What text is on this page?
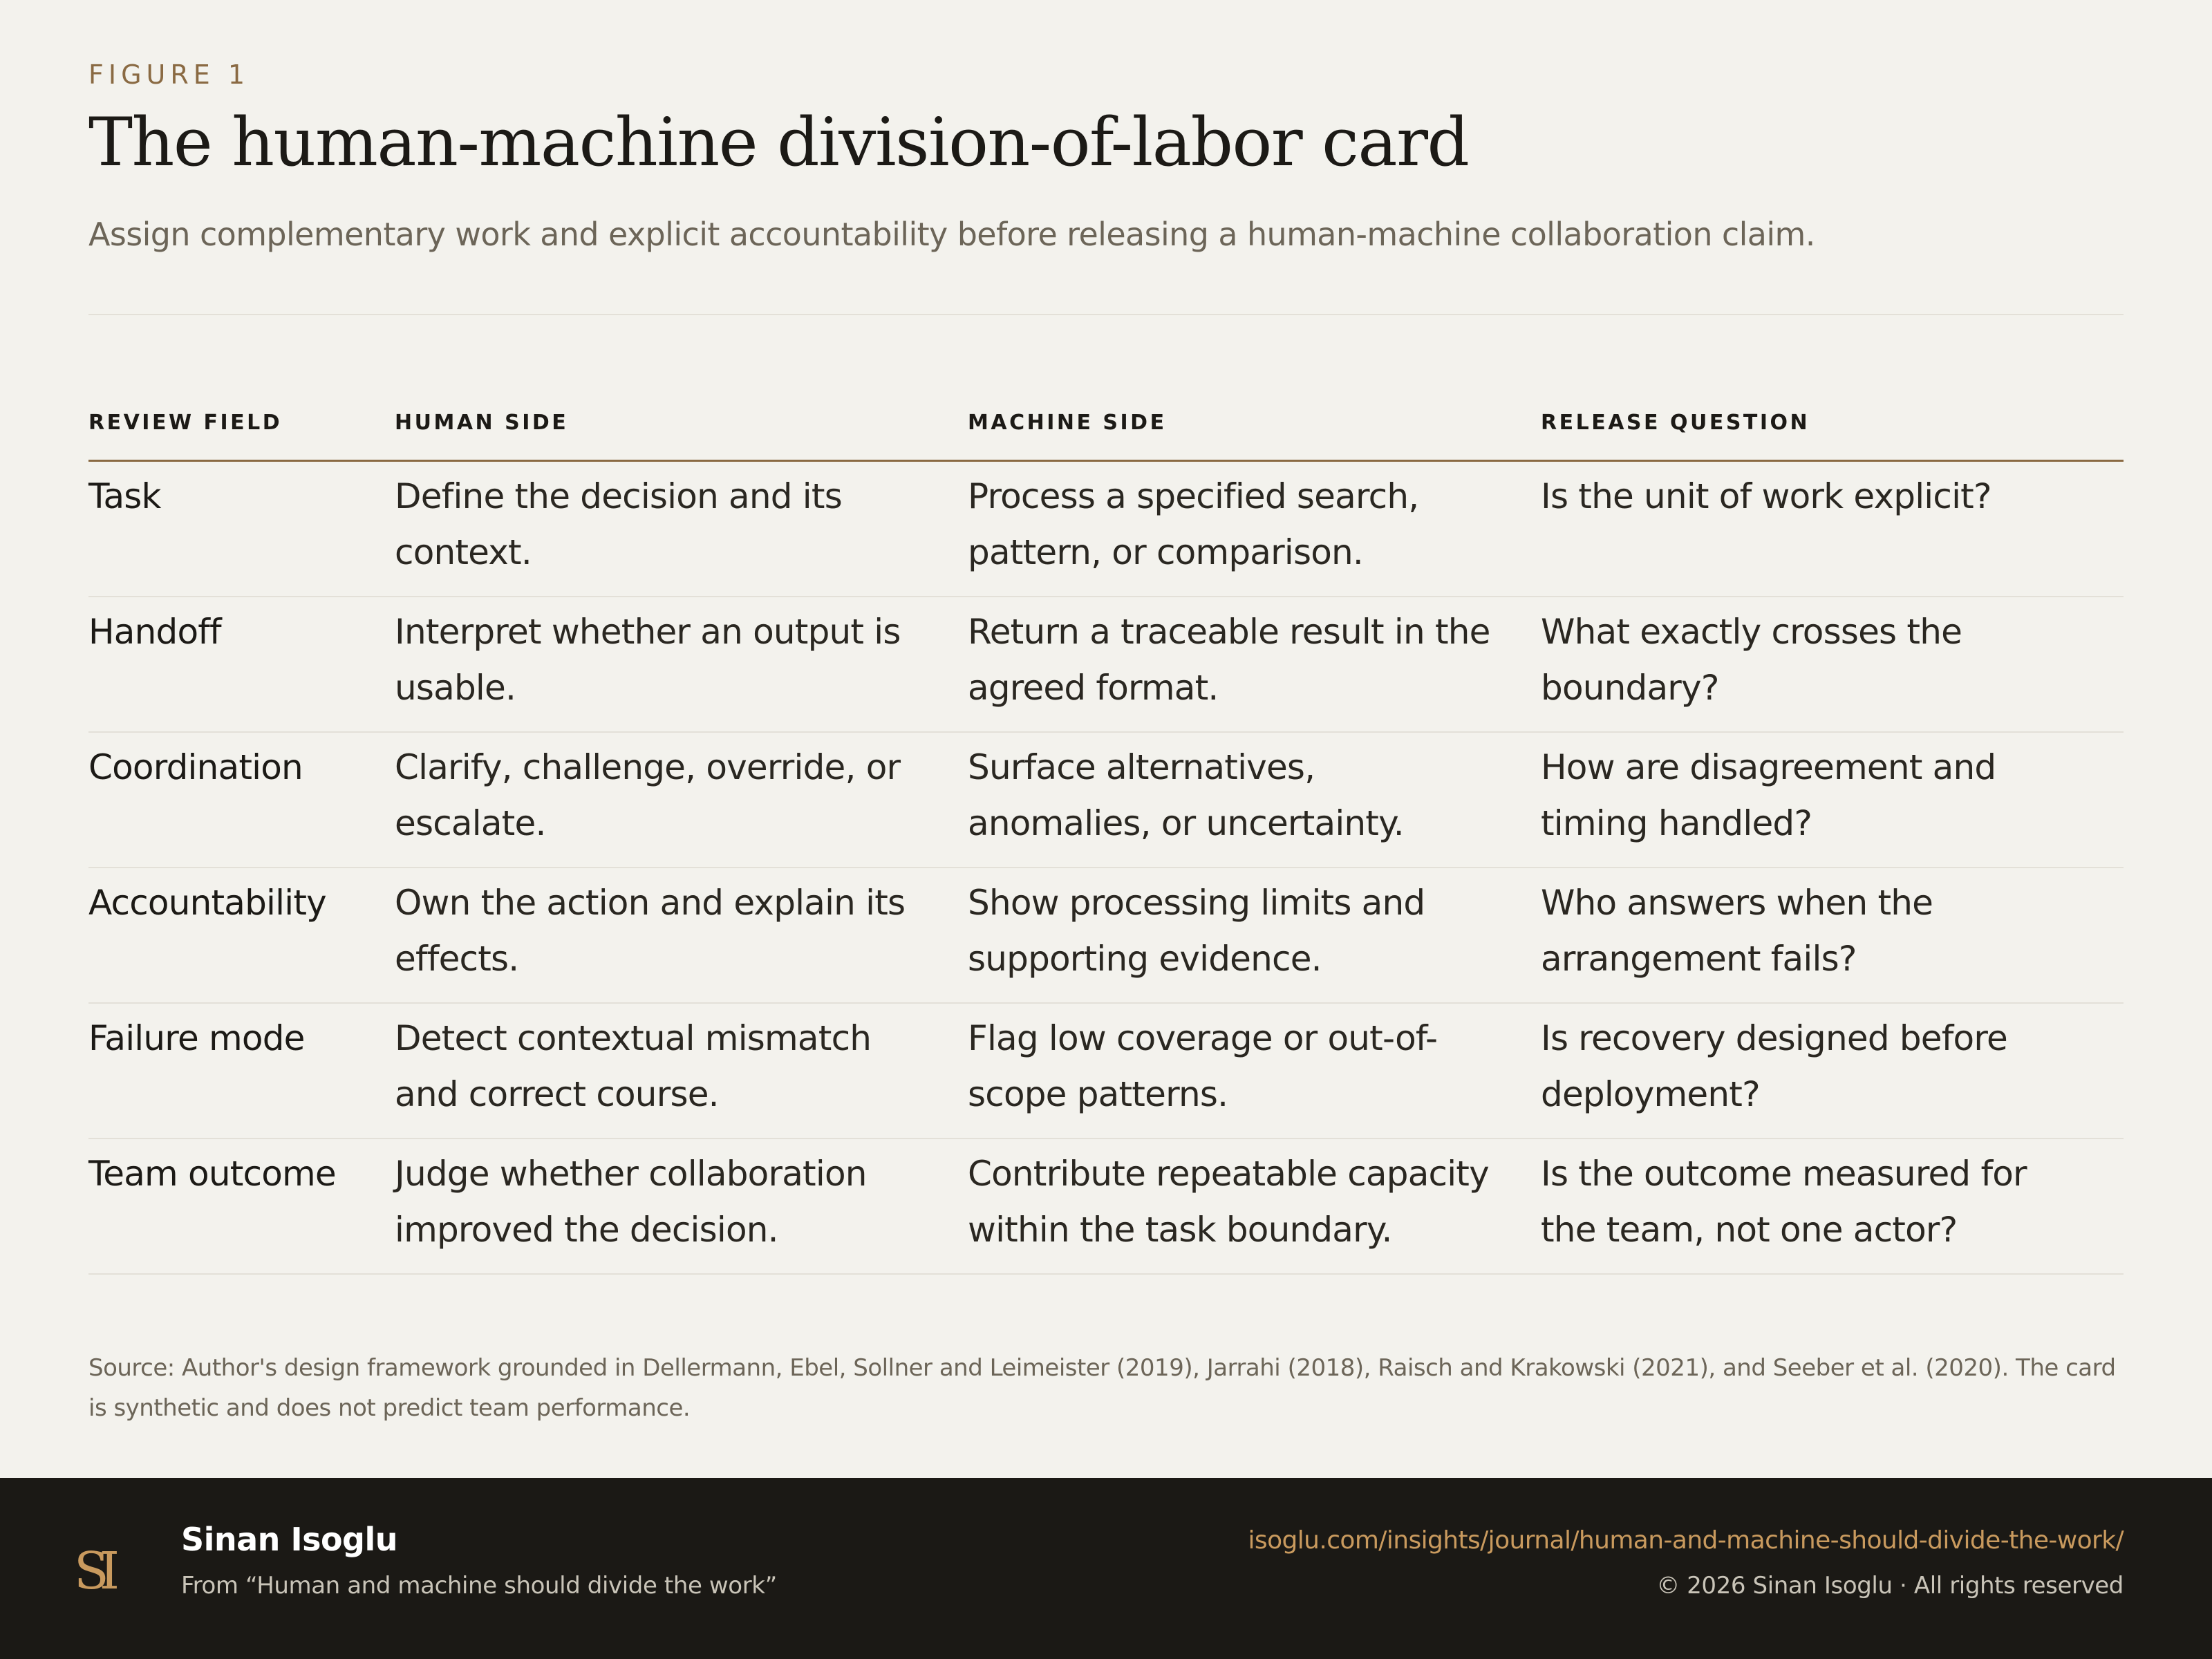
FIGURE 1
The human-machine division-of-labor card
Assign complementary work and explicit accountability before releasing a human-machine collaboration claim.
REVIEW FIELD	HUMAN SIDE	MACHINE SIDE	RELEASE QUESTION
Task	Define the decision and its context.	Process a specified search, pattern, or comparison.	Is the unit of work explicit?
Handoff	Interpret whether an output is usable.	Return a traceable result in the agreed format.	What exactly crosses the boundary?
Coordination	Clarify, challenge, override, or escalate.	Surface alternatives, anomalies, or uncertainty.	How are disagreement and timing handled?
Accountability	Own the action and explain its effects.	Show processing limits and supporting evidence.	Who answers when the arrangement fails?
Failure mode	Detect contextual mismatch and correct course.	Flag low coverage or out-of-scope patterns.	Is recovery designed before deployment?
Team outcome	Judge whether collaboration improved the decision.	Contribute repeatable capacity within the task boundary.	Is the outcome measured for the team, not one actor?
Source: Author's design framework grounded in Dellermann, Ebel, Sollner and Leimeister (2019), Jarrahi (2018), Raisch and Krakowski (2021), and Seeber et al. (2020). The card is synthetic and does not predict team performance.
SI
Sinan Isoglu
From “Human and machine should divide the work”
isoglu.com/insights/journal/human-and-machine-should-divide-the-work/
© 2026 Sinan Isoglu · All rights reserved
